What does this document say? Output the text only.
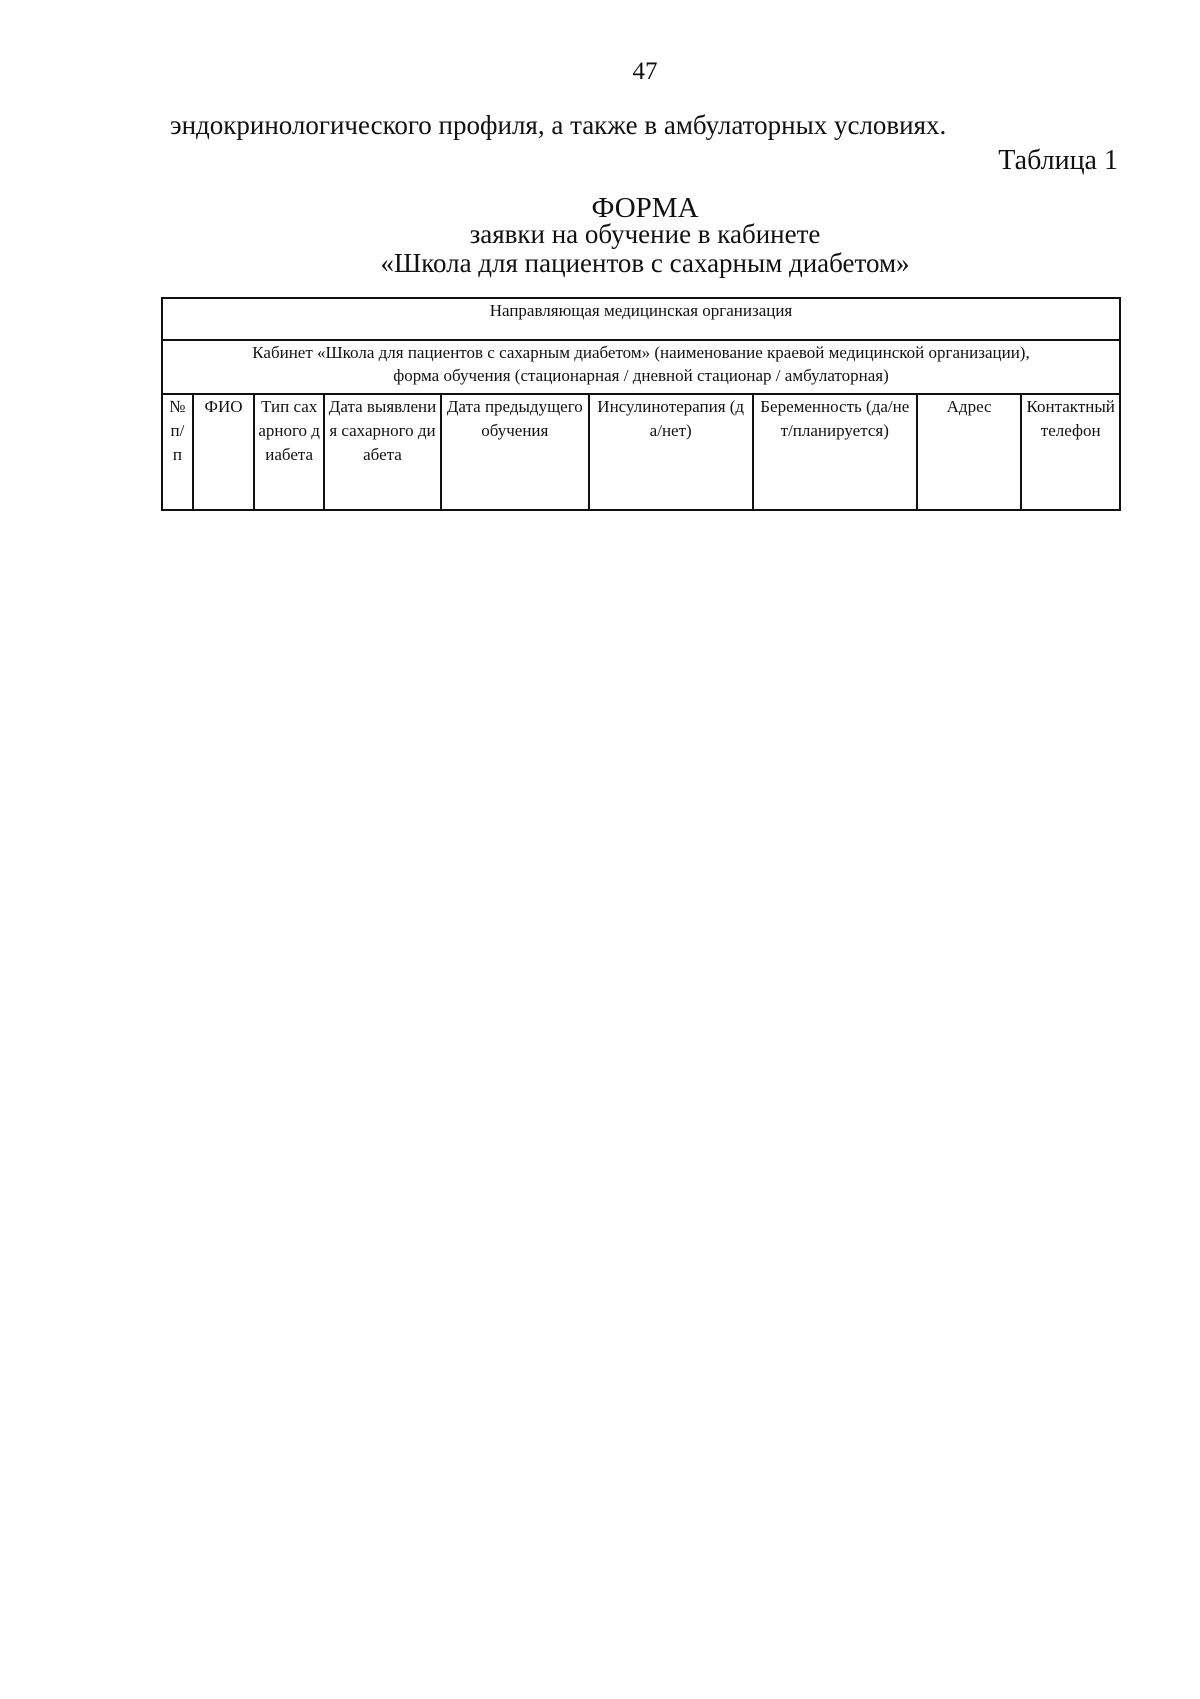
47
эндокринологического профиля, а также в амбулаторных условиях.
Таблица 1
ФОРМА
заявки на обучение в кабинете
«Школа для пациентов с сахарным диабетом»
Направляющая медицинская организация

Кабинет «Школа для пациентов с сахарным диабетом» (наименование краевой медицинской организации),
форма обучения (стационарная / дневной стационар / амбулаторная)

№ п/п	ФИО	Тип сахарного диабета	Дата выявления сахарного диабета	Дата предыдущего обучения	Инсулинотерапия (да/нет)	Беременность (да/нет/планируется)	Адрес	Контактный телефон
